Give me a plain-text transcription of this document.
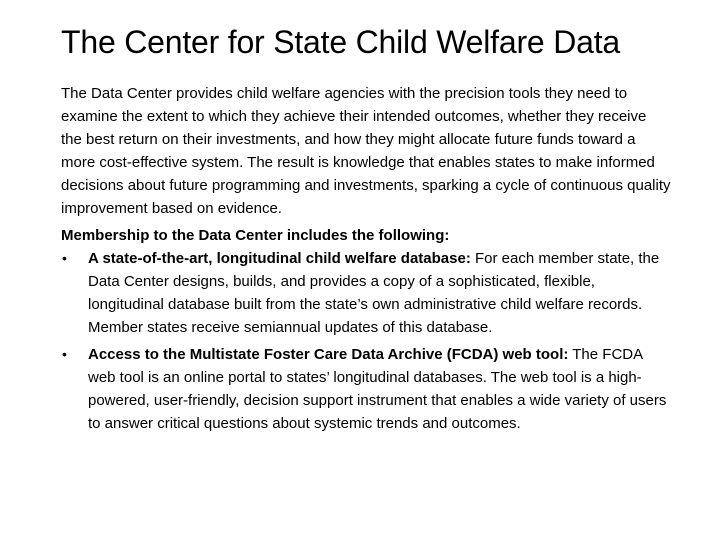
The Center for State Child Welfare Data

The Data Center provides child welfare agencies with the precision tools they need to examine the extent to which they achieve their intended outcomes, whether they receive the best return on their investments, and how they might allocate future funds toward a more cost-effective system. The result is knowledge that enables states to make informed decisions about future programming and investments, sparking a cycle of continuous quality improvement based on evidence.

Membership to the Data Center includes the following:

• A state-of-the-art, longitudinal child welfare database: For each member state, the Data Center designs, builds, and provides a copy of a sophisticated, flexible, longitudinal database built from the state’s own administrative child welfare records. Member states receive semiannual updates of this database.
• Access to the Multistate Foster Care Data Archive (FCDA) web tool: The FCDA web tool is an online portal to states’ longitudinal databases. The web tool is a high-powered, user-friendly, decision support instrument that enables a wide variety of users to answer critical questions about systemic trends and outcomes.
